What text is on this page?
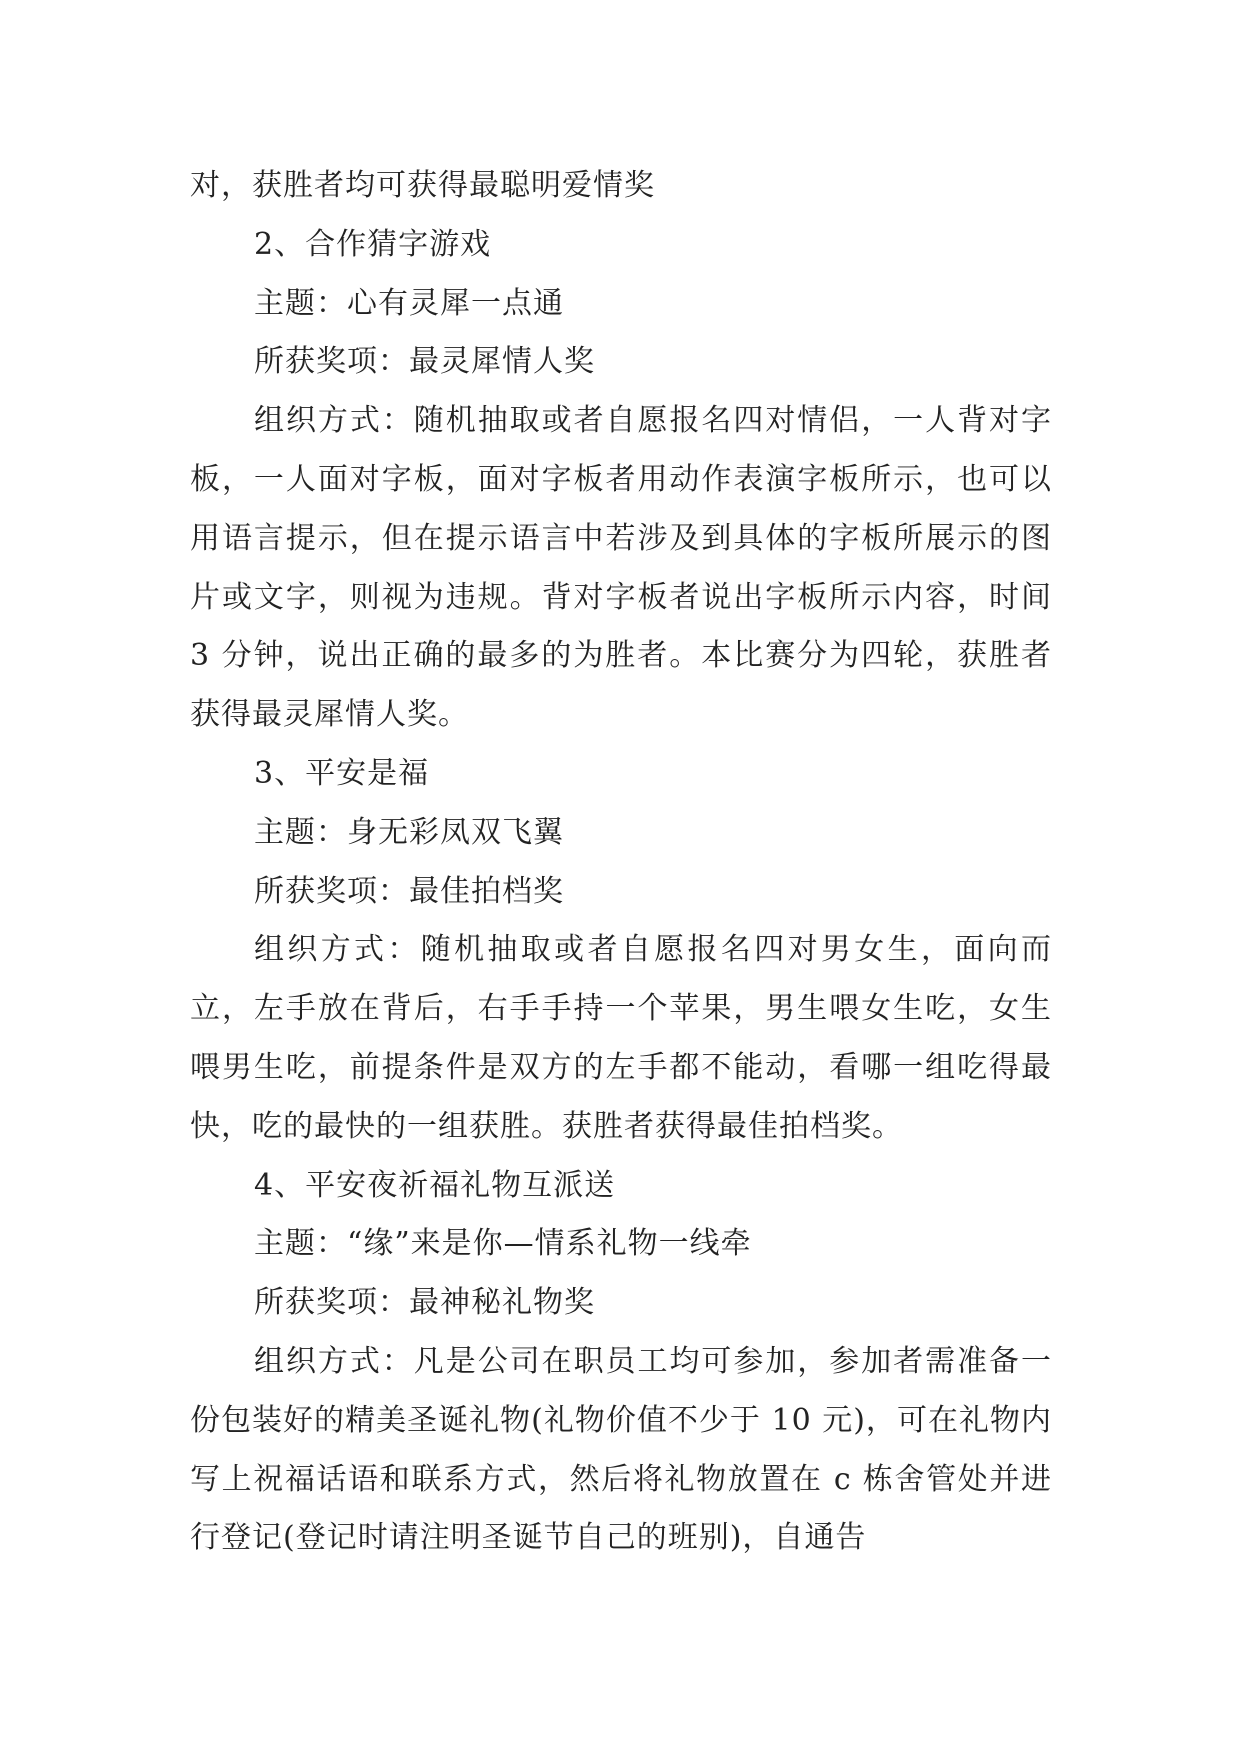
对，获胜者均可获得最聪明爱情奖

2、合作猜字游戏

主题：心有灵犀一点通

所获奖项：最灵犀情人奖

组织方式：随机抽取或者自愿报名四对情侣，一人背对字板，一人面对字板，面对字板者用动作表演字板所示，也可以用语言提示，但在提示语言中若涉及到具体的字板所展示的图片或文字，则视为违规。背对字板者说出字板所示内容，时间 3 分钟，说出正确的最多的为胜者。本比赛分为四轮，获胜者获得最灵犀情人奖。

3、平安是福

主题：身无彩凤双飞翼

所获奖项：最佳拍档奖

组织方式：随机抽取或者自愿报名四对男女生，面向而立，左手放在背后，右手手持一个苹果，男生喂女生吃，女生喂男生吃，前提条件是双方的左手都不能动，看哪一组吃得最快，吃的最快的一组获胜。获胜者获得最佳拍档奖。

4、平安夜祈福礼物互派送

主题：“缘”来是你—情系礼物一线牵

所获奖项：最神秘礼物奖

组织方式：凡是公司在职员工均可参加，参加者需准备一份包装好的精美圣诞礼物(礼物价值不少于 10 元)，可在礼物内写上祝福话语和联系方式，然后将礼物放置在 c 栋舍管处并进行登记(登记时请注明圣诞节自己的班别)，自通告
